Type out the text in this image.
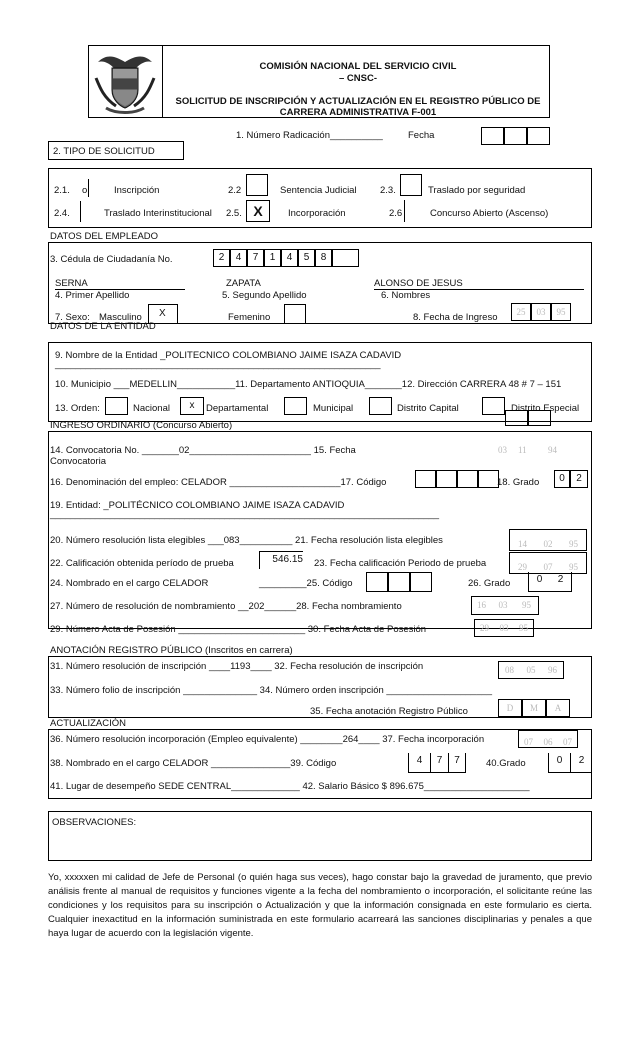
COMISIÓN NACIONAL DEL SERVICIO CIVIL
– CNSC-
SOLICITUD DE INSCRIPCIÓN Y ACTUALIZACIÓN EN EL REGISTRO PÚBLICO DE
CARRERA ADMINISTRATIVA F-001
1. Número Radicación__________	Fecha
2. TIPO DE SOLICITUD
2.1. o	Inscripción	2.2	Sentencia Judicial 2.3.	Traslado por seguridad
2.4.	Traslado Interinstitucional 2.5. X	Incorporación	2.6	Concurso Abierto (Ascenso)
DATOS DEL EMPLEADO
3. Cédula de Ciudadanía No.	2	4	7	1	4	5	8
SERNA	ZAPATA	ALONSO DE JESUS
4. Primer Apellido	5. Segundo Apellido	6. Nombres
7. Sexo: Masculino	X	Femenino	8. Fecha de Ingreso	25	03	95
DATOS DE LA ENTIDAD
9. Nombre de la Entidad _POLITECNICO COLOMBIANO JAIME ISAZA CADAVID
________________________________________________________________
10. Municipio ___MEDELLIN___________11. Departamento ANTIOQUIA_______12. Dirección CARRERA 48 # 7 – 151
13. Orden:	Nacional	x	Departamental	Municipal	Distrito Capital	Distrito Especial
INGRESO ORDINARIO (Concurso Abierto)
14. Convocatoria No. _______02_______________________ 15. Fecha
Convocatoria
03 11 94
16. Denominación del empleo: CELADOR _____________________17. Código	18. Grado	0	2
19. Entidad: _POLITÉCNICO COLOMBIANO JAIME ISAZA CADAVID
______________________________________________________________________________
20. Número resolución lista elegibles ___083__________ 21. Fecha resolución lista elegibles	14	02	95
22. Calificación obtenida período de prueba	546.15 23. Fecha calificación Periodo de prueba	29	07	95
24. Nombrado en el cargo CELADOR	_________25. Código	26. Grado	0	2
27. Número de resolución de nombramiento __202______28. Fecha nombramiento	16	03	95
29. Número Acta de Posesión ________________________ 30. Fecha Acta de Posesión	29	03	95
ANOTACIÓN REGISTRO PÚBLICO (Inscritos en carrera)
31. Número resolución de inscripción ____1193____ 32. Fecha resolución de inscripción	08	05	96
33. Número folio de inscripción ______________ 34. Número orden inscripción ____________________
35. Fecha anotación Registro Público	D	M	A
ACTUALIZACIÓN
36. Número resolución incorporación (Empleo equivalente) ________264____ 37. Fecha incorporación	07	06	07
38. Nombrado en el cargo CELADOR _______________39. Código	4	7	7	40.Grado	0	2
41. Lugar de desempeño SEDE CENTRAL_____________ 42. Salario Básico $ 896.675____________________
OBSERVACIONES:
Yo, xxxxxen mi calidad de Jefe de Personal (o quién haga sus veces), hago constar bajo la gravedad de juramento, que previo análisis frente al manual de requisitos y funciones vigente a la fecha del nombramiento o incorporación, el solicitante reúne las condiciones y los requisitos para su inscripción o Actualización y que la información consignada en este formulario es cierta. Cualquier inexactitud en la información suministrada en este formulario acarreará las sanciones disciplinarias y penales a que haya lugar de acuerdo con la legislación vigente.
